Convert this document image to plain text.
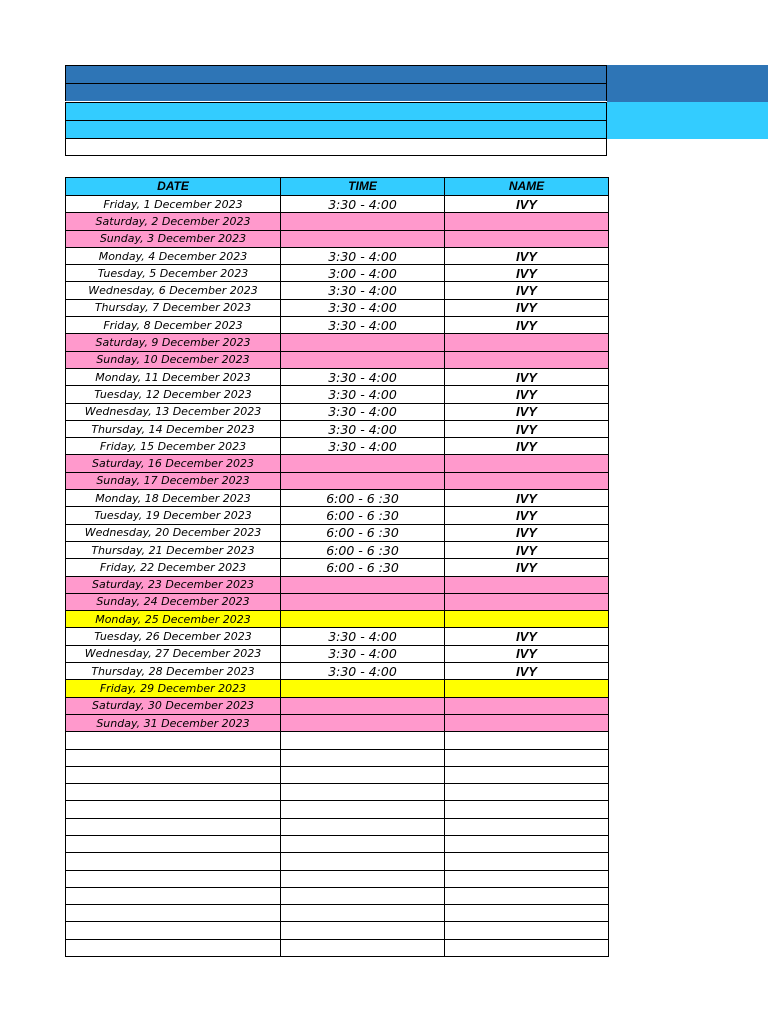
DATE	TIME	NAME
Friday, 1 December 2023	3:30 - 4:00	IVY
Saturday, 2 December 2023		
Sunday, 3 December 2023		
Monday, 4 December 2023	3:30 - 4:00	IVY
Tuesday, 5 December 2023	3:00 - 4:00	IVY
Wednesday, 6 December 2023	3:30 - 4:00	IVY
Thursday, 7 December 2023	3:30 - 4:00	IVY
Friday, 8 December 2023	3:30 - 4:00	IVY
Saturday, 9 December 2023		
Sunday, 10 December 2023		
Monday, 11 December 2023	3:30 - 4:00	IVY
Tuesday, 12 December 2023	3:30 - 4:00	IVY
Wednesday, 13 December 2023	3:30 - 4:00	IVY
Thursday, 14 December 2023	3:30 - 4:00	IVY
Friday, 15 December 2023	3:30 - 4:00	IVY
Saturday, 16 December 2023		
Sunday, 17 December 2023		
Monday, 18 December 2023	6:00 - 6 :30	IVY
Tuesday, 19 December 2023	6:00 - 6 :30	IVY
Wednesday, 20 December 2023	6:00 - 6 :30	IVY
Thursday, 21 December 2023	6:00 - 6 :30	IVY
Friday, 22 December 2023	6:00 - 6 :30	IVY
Saturday, 23 December 2023		
Sunday, 24 December 2023		
Monday, 25 December 2023		
Tuesday, 26 December 2023	3:30 - 4:00	IVY
Wednesday, 27 December 2023	3:30 - 4:00	IVY
Thursday, 28 December 2023	3:30 - 4:00	IVY
Friday, 29 December 2023		
Saturday, 30 December 2023		
Sunday, 31 December 2023		
